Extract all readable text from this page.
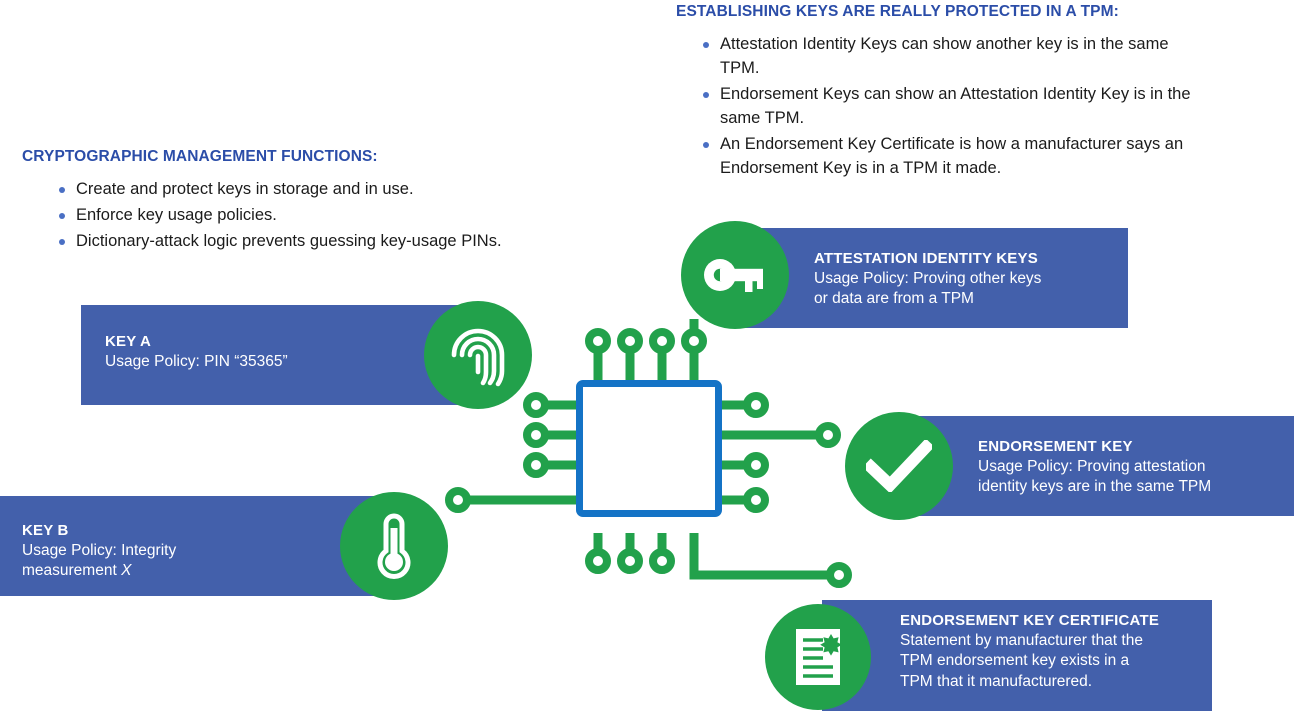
ESTABLISHING KEYS ARE REALLY PROTECTED IN A TPM:
Attestation Identity Keys can show another key is in the same TPM.
Endorsement Keys can show an Attestation Identity Key is in the same TPM.
An Endorsement Key Certificate is how a manufacturer says an Endorsement Key is in a TPM it made.
CRYPTOGRAPHIC MANAGEMENT FUNCTIONS:
Create and protect keys in storage and in use.
Enforce key usage policies.
Dictionary-attack logic prevents guessing key-usage PINs.
ATTESTATION IDENTITY KEYS
Usage Policy: Proving other keys
or data are from a TPM
KEY A
Usage Policy: PIN “35365”
ENDORSEMENT KEY
Usage Policy: Proving attestation
identity keys are in the same TPM
KEY B
Usage Policy: Integrity
measurement X
ENDORSEMENT KEY CERTIFICATE
Statement by manufacturer that the
TPM endorsement key exists in a
TPM that it manufacturered.
